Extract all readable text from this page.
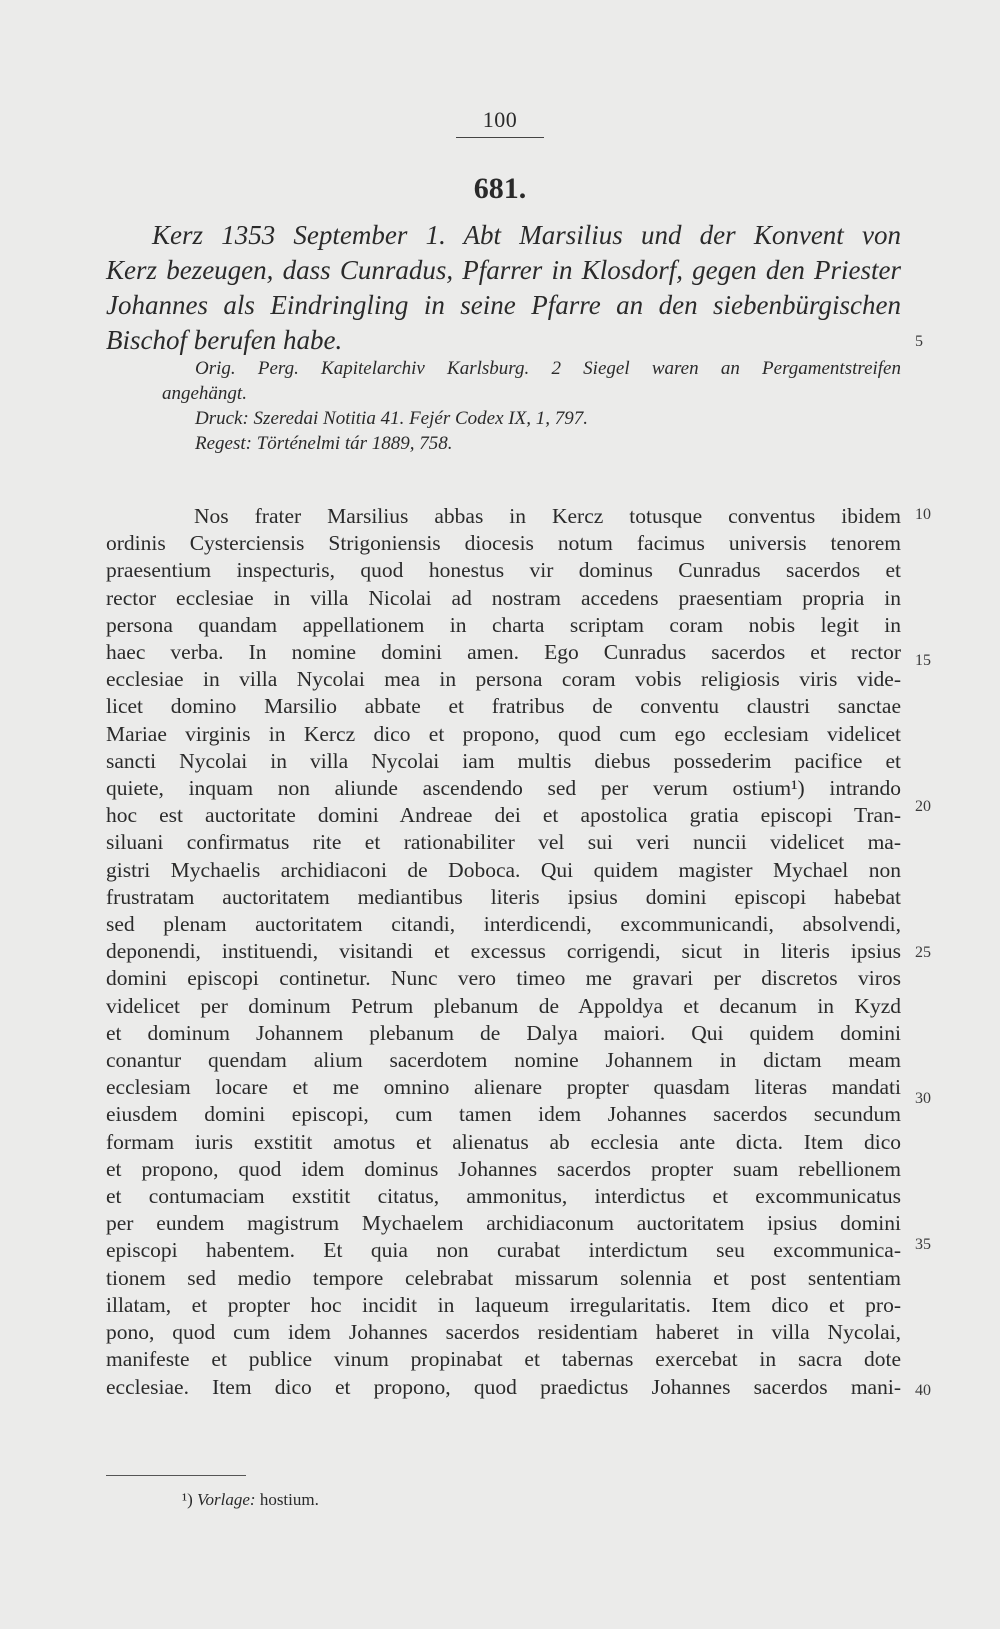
100
681.
Kerz 1353 September 1. Abt Marsilius und der Konvent von
Kerz bezeugen, dass Cunradus, Pfarrer in Klosdorf, gegen den Priester
Johannes als Eindringling in seine Pfarre an den siebenbürgischen
Bischof berufen habe.
Orig. Perg. Kapitelarchiv Karlsburg. 2 Siegel waren an Pergamentstreifen
angehängt.
Druck: Szeredai Notitia 41. Fejér Codex IX, 1, 797.
Regest: Történelmi tár 1889, 758.
Nos frater Marsilius abbas in Kercz totusque conventus ibidem
ordinis Cysterciensis Strigoniensis diocesis notum facimus universis tenorem
praesentium inspecturis, quod honestus vir dominus Cunradus sacerdos et
rector ecclesiae in villa Nicolai ad nostram accedens praesentiam propria in
persona quandam appellationem in charta scriptam coram nobis legit in
haec verba. In nomine domini amen. Ego Cunradus sacerdos et rector
ecclesiae in villa Nycolai mea in persona coram vobis religiosis viris vide-
licet domino Marsilio abbate et fratribus de conventu claustri sanctae
Mariae virginis in Kercz dico et propono, quod cum ego ecclesiam videlicet
sancti Nycolai in villa Nycolai iam multis diebus possederim pacifice et
quiete, inquam non aliunde ascendendo sed per verum ostium¹) intrando
hoc est auctoritate domini Andreae dei et apostolica gratia episcopi Tran-
siluani confirmatus rite et rationabiliter vel sui veri nuncii videlicet ma-
gistri Mychaelis archidiaconi de Doboca. Qui quidem magister Mychael non
frustratam auctoritatem mediantibus literis ipsius domini episcopi habebat
sed plenam auctoritatem citandi, interdicendi, excommunicandi, absolvendi,
deponendi, instituendi, visitandi et excessus corrigendi, sicut in literis ipsius
domini episcopi continetur. Nunc vero timeo me gravari per discretos viros
videlicet per dominum Petrum plebanum de Appoldya et decanum in Kyzd
et dominum Johannem plebanum de Dalya maiori. Qui quidem domini
conantur quendam alium sacerdotem nomine Johannem in dictam meam
ecclesiam locare et me omnino alienare propter quasdam literas mandati
eiusdem domini episcopi, cum tamen idem Johannes sacerdos secundum
formam iuris exstitit amotus et alienatus ab ecclesia ante dicta. Item dico
et propono, quod idem dominus Johannes sacerdos propter suam rebellionem
et contumaciam exstitit citatus, ammonitus, interdictus et excommunicatus
per eundem magistrum Mychaelem archidiaconum auctoritatem ipsius domini
episcopi habentem. Et quia non curabat interdictum seu excommunica-
tionem sed medio tempore celebrabat missarum solennia et post sententiam
illatam, et propter hoc incidit in laqueum irregularitatis. Item dico et pro-
pono, quod cum idem Johannes sacerdos residentiam haberet in villa Nycolai,
manifeste et publice vinum propinabat et tabernas exercebat in sacra dote
ecclesiae. Item dico et propono, quod praedictus Johannes sacerdos mani-
5
10
15
20
25
30
35
40
¹) Vorlage: hostium.
